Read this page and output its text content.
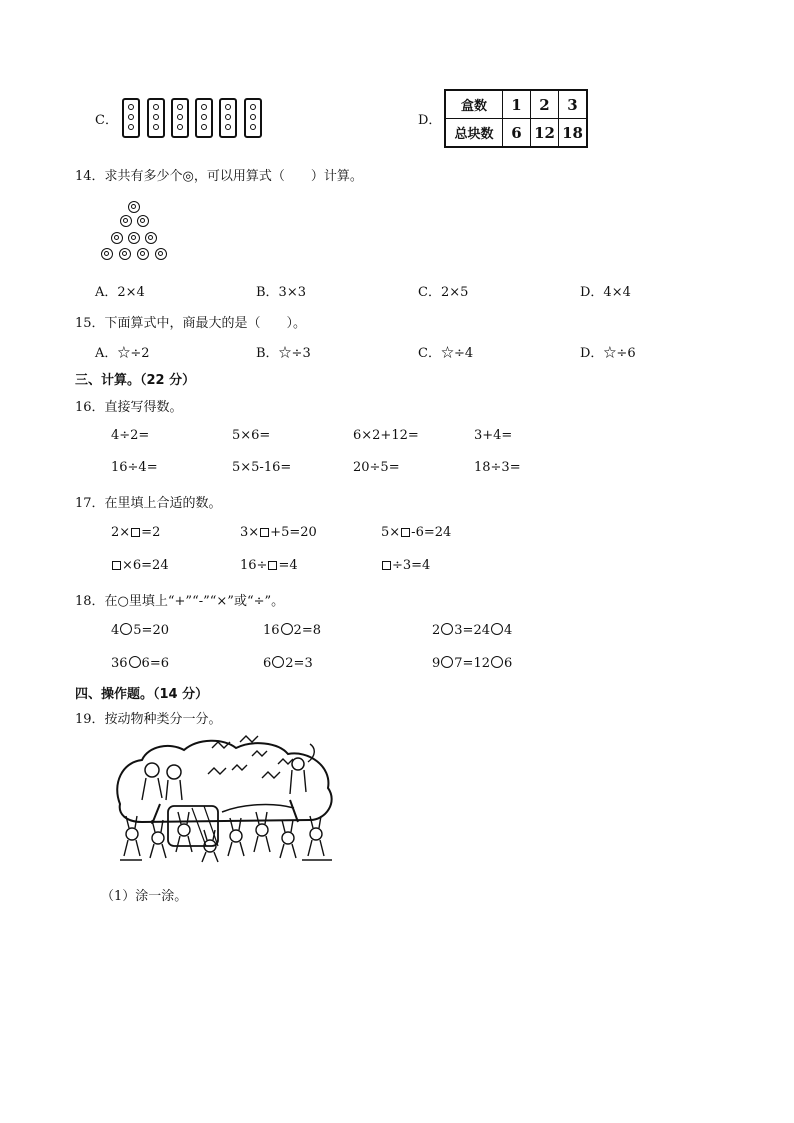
C．	D．
盒数	1	2	3
总块数	6	12	18
14．求共有多少个◎，可以用算式（　　）计算。
A．2×4	B．3×3	C．2×5	D．4×4
15．下面算式中，商最大的是（　　）。
A．☆÷2	B．☆÷3	C．☆÷4	D．☆÷6
三、计算。（22 分）
16．直接写得数。
4÷2=	5×6=	6×2+12=	3+4=
16÷4=	5×5-16=	20÷5=	18÷3=
17．在里填上合适的数。
2× =2	3× +5=20	5× -6=24
×6=24	16÷ =4	÷3=4
18．在○里填上“+”“-”“×”或“÷”。
4 5=20	16 2=8	2 3=24 4
36 6=6	6 2=3	9 7=12 6
四、操作题。（14 分）
19．按动物种类分一分。
（1）涂一涂。
